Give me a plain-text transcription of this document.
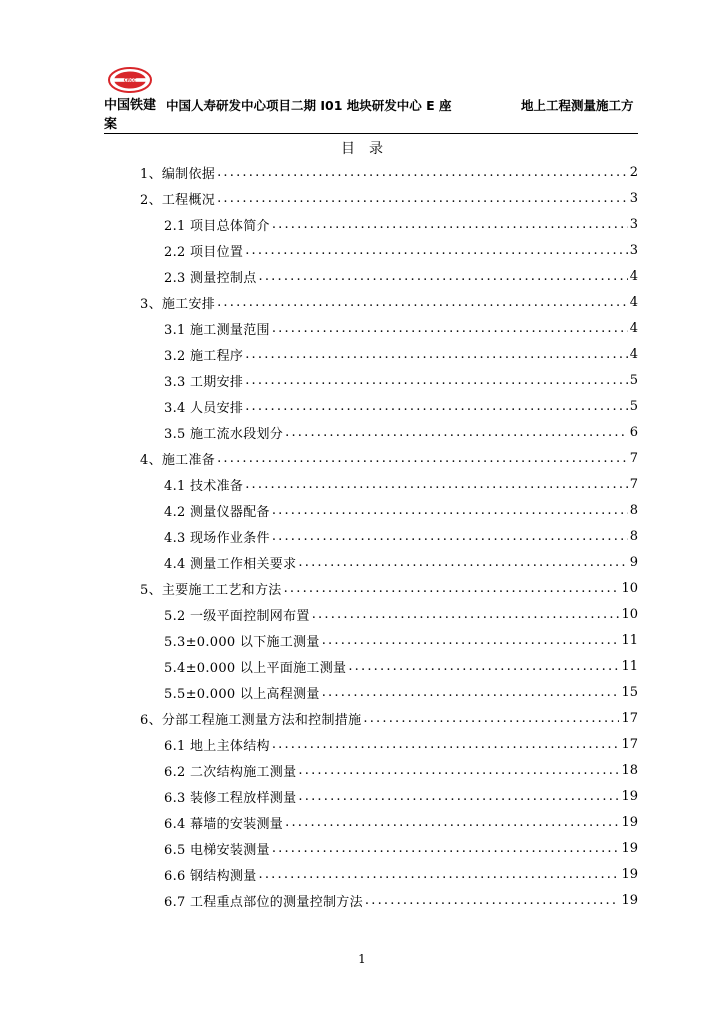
CRCC
中国铁建
案
中国人寿研发中心项目二期 I01 地块研发中心 E 座	地上工程测量施工方
目录
1、编制依据 .....	2
2、工程概况 .....	3
2.1 项目总体简介 .....	3
2.2 项目位置 .....	3
2.3 测量控制点 .....	4
3、施工安排 .....	4
3.1 施工测量范围 .....	4
3.2 施工程序 .....	4
3.3 工期安排 .....	5
3.4 人员安排 .....	5
3.5 施工流水段划分 .....	6
4、施工准备 .....	7
4.1 技术准备 .....	7
4.2 测量仪器配备 .....	8
4.3 现场作业条件 .....	8
4.4 测量工作相关要求 .....	9
5、主要施工工艺和方法 .....	10
5.2 一级平面控制网布置 .....	10
5.3±0.000 以下施工测量 .....	11
5.4±0.000 以上平面施工测量 .....	11
5.5±0.000 以上高程测量 .....	15
6、分部工程施工测量方法和控制措施 .....	17
6.1 地上主体结构 .....	17
6.2 二次结构施工测量 .....	18
6.3 装修工程放样测量 .....	19
6.4 幕墙的安装测量 .....	19
6.5 电梯安装测量 .....	19
6.6 钢结构测量 .....	19
6.7 工程重点部位的测量控制方法 .....	19
1
